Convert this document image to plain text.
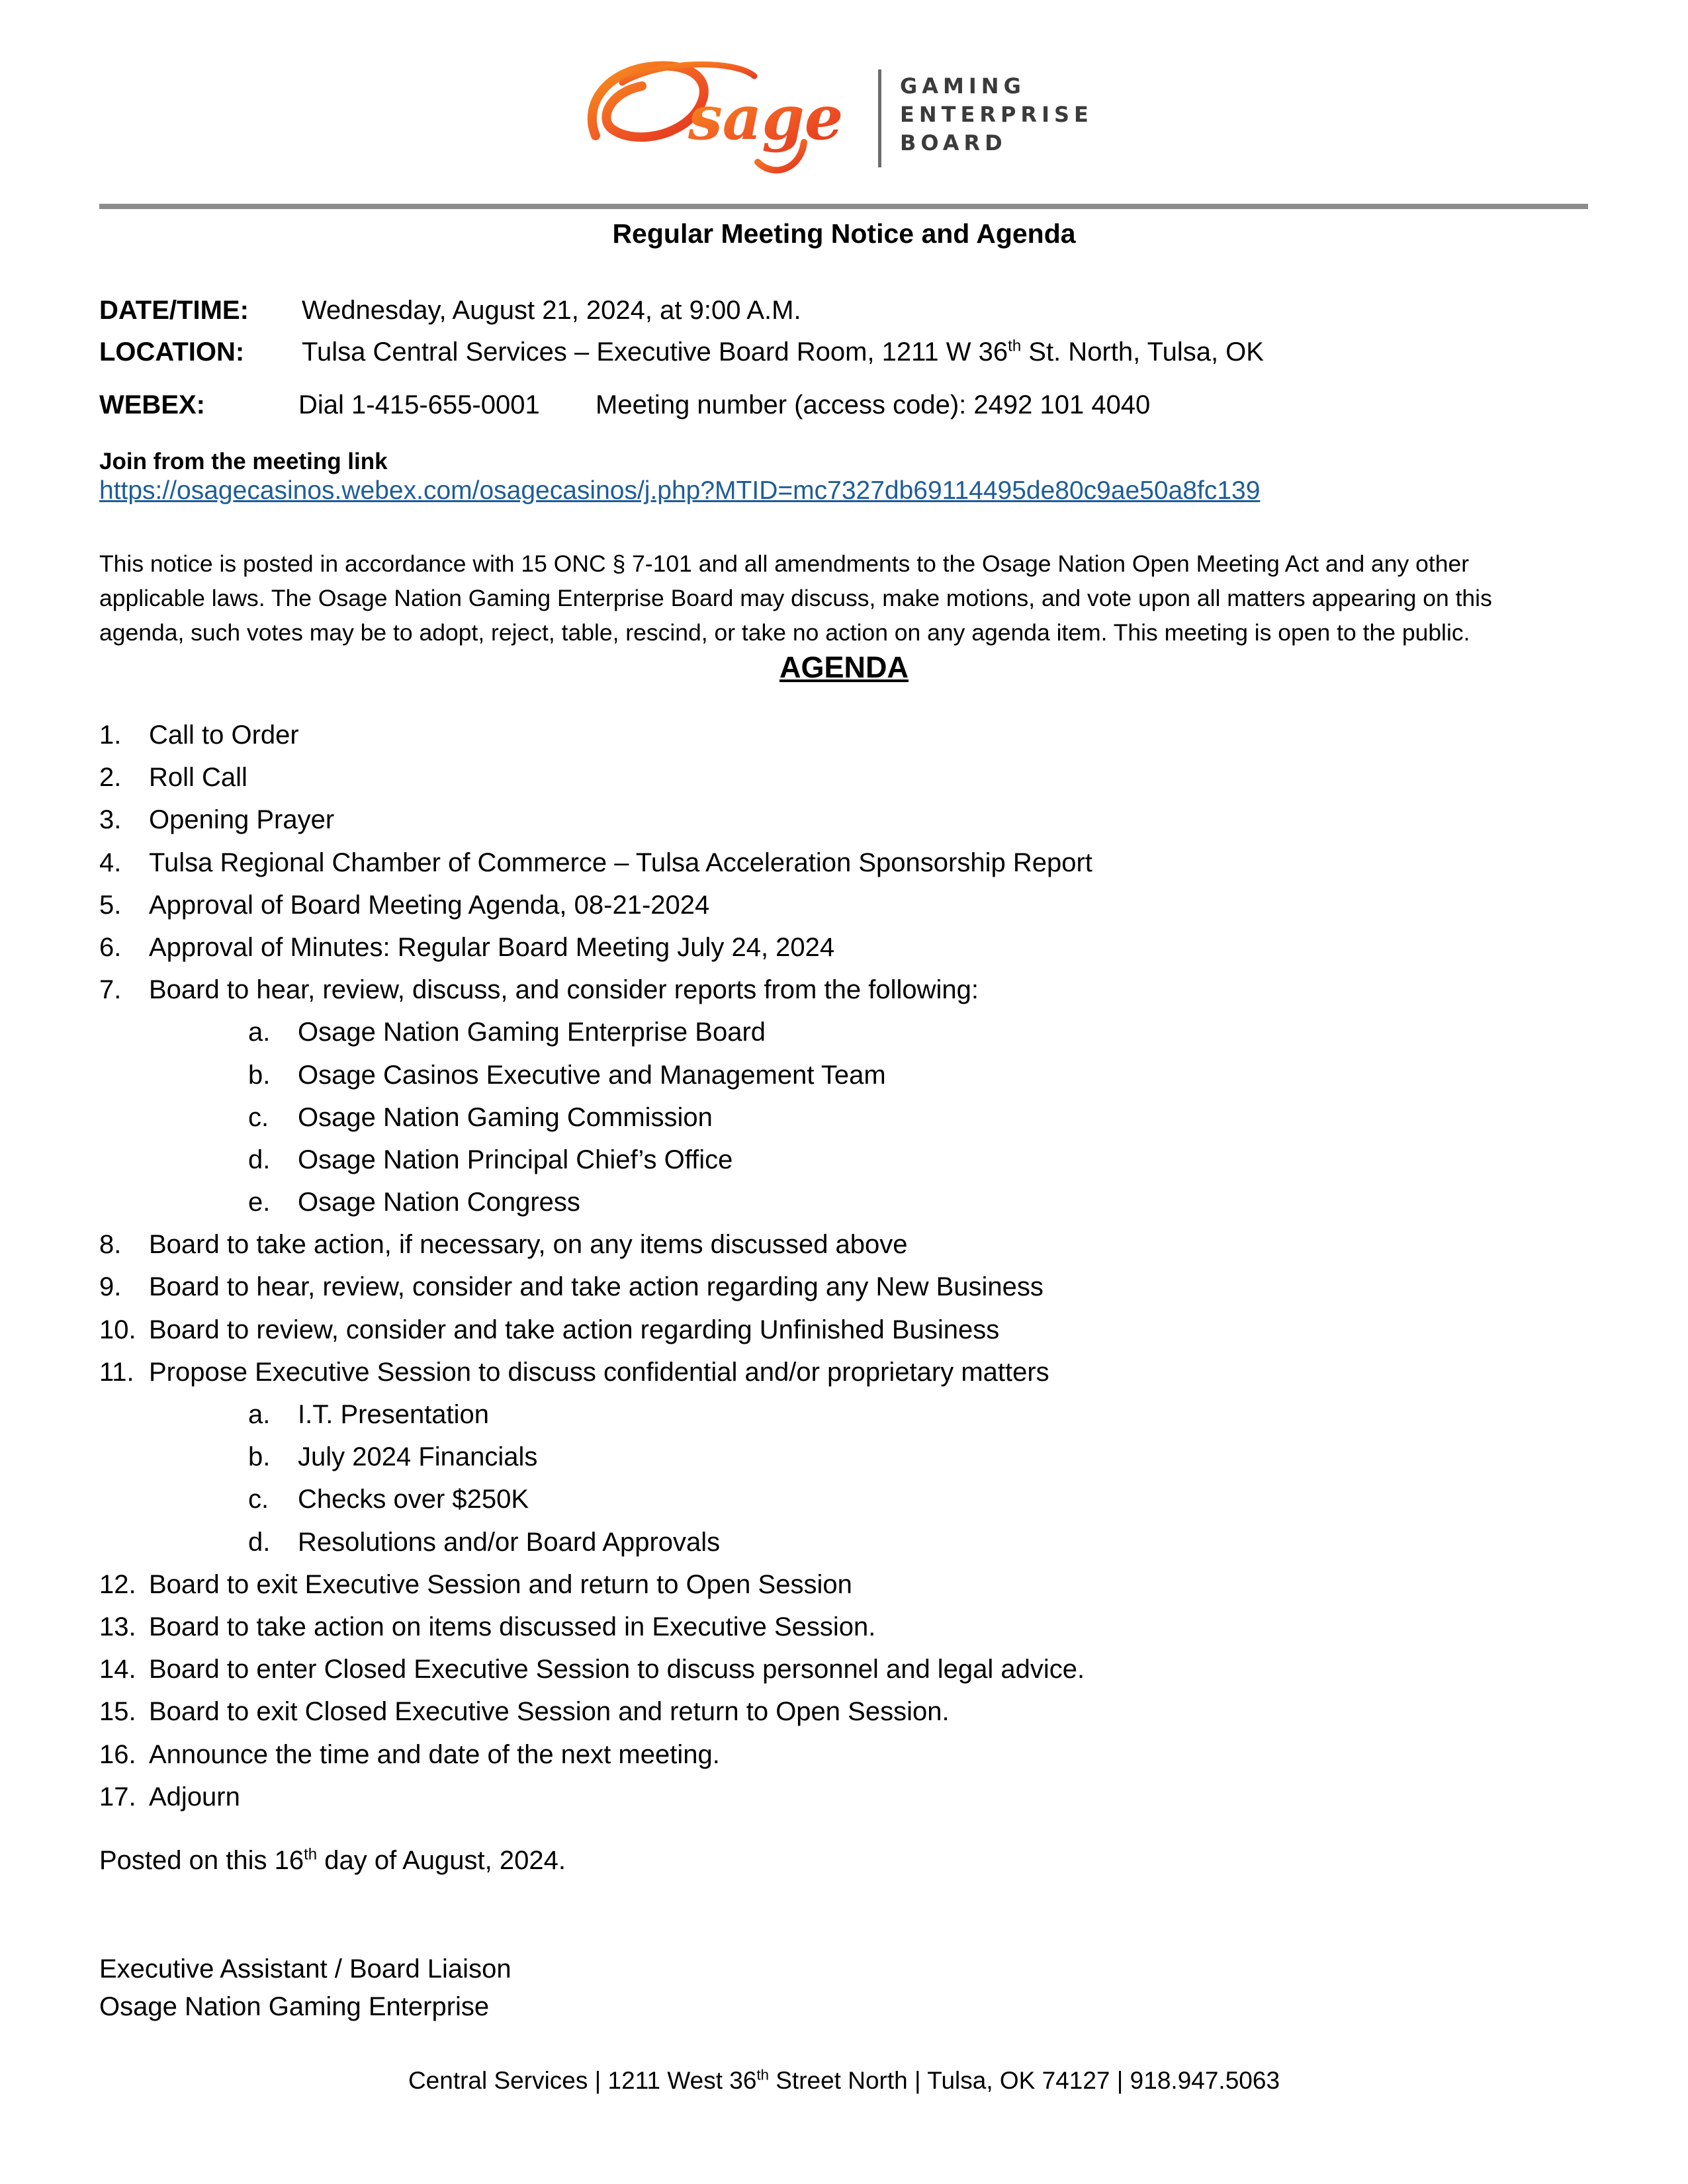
sage	GAMING
ENTERPRISE
BOARD
Regular Meeting Notice and Agenda
DATE/TIME: Wednesday, August 21, 2024, at 9:00 A.M.
LOCATION: Tulsa Central Services – Executive Board Room, 1211 W 36th St. North, Tulsa, OK
WEBEX:	Dial 1-415-655-0001 Meeting number (access code): 2492 101 4040
Join from the meeting link
https://osagecasinos.webex.com/osagecasinos/j.php?MTID=mc7327db69114495de80c9ae50a8fc139
This notice is posted in accordance with 15 ONC § 7-101 and all amendments to the Osage Nation Open Meeting Act and any other
applicable laws. The Osage Nation Gaming Enterprise Board may discuss, make motions, and vote upon all matters appearing on this
agenda, such votes may be to adopt, reject, table, rescind, or take no action on any agenda item. This meeting is open to the public.
AGENDA
1. Call to Order
2. Roll Call
3. Opening Prayer
4. Tulsa Regional Chamber of Commerce – Tulsa Acceleration Sponsorship Report
5. Approval of Board Meeting Agenda, 08-21-2024
6. Approval of Minutes: Regular Board Meeting July 24, 2024
7. Board to hear, review, discuss, and consider reports from the following:
a. Osage Nation Gaming Enterprise Board
b. Osage Casinos Executive and Management Team
c. Osage Nation Gaming Commission
d. Osage Nation Principal Chief’s Office
e. Osage Nation Congress
8. Board to take action, if necessary, on any items discussed above
9. Board to hear, review, consider and take action regarding any New Business
10. Board to review, consider and take action regarding Unfinished Business
11. Propose Executive Session to discuss confidential and/or proprietary matters
a. I.T. Presentation
b. July 2024 Financials
c. Checks over $250K
d. Resolutions and/or Board Approvals
12. Board to exit Executive Session and return to Open Session
13. Board to take action on items discussed in Executive Session.
14. Board to enter Closed Executive Session to discuss personnel and legal advice.
15. Board to exit Closed Executive Session and return to Open Session.
16. Announce the time and date of the next meeting.
17. Adjourn
Posted on this 16th day of August, 2024.
Executive Assistant / Board Liaison
Osage Nation Gaming Enterprise
Central Services | 1211 West 36th Street North | Tulsa, OK 74127 | 918.947.5063
